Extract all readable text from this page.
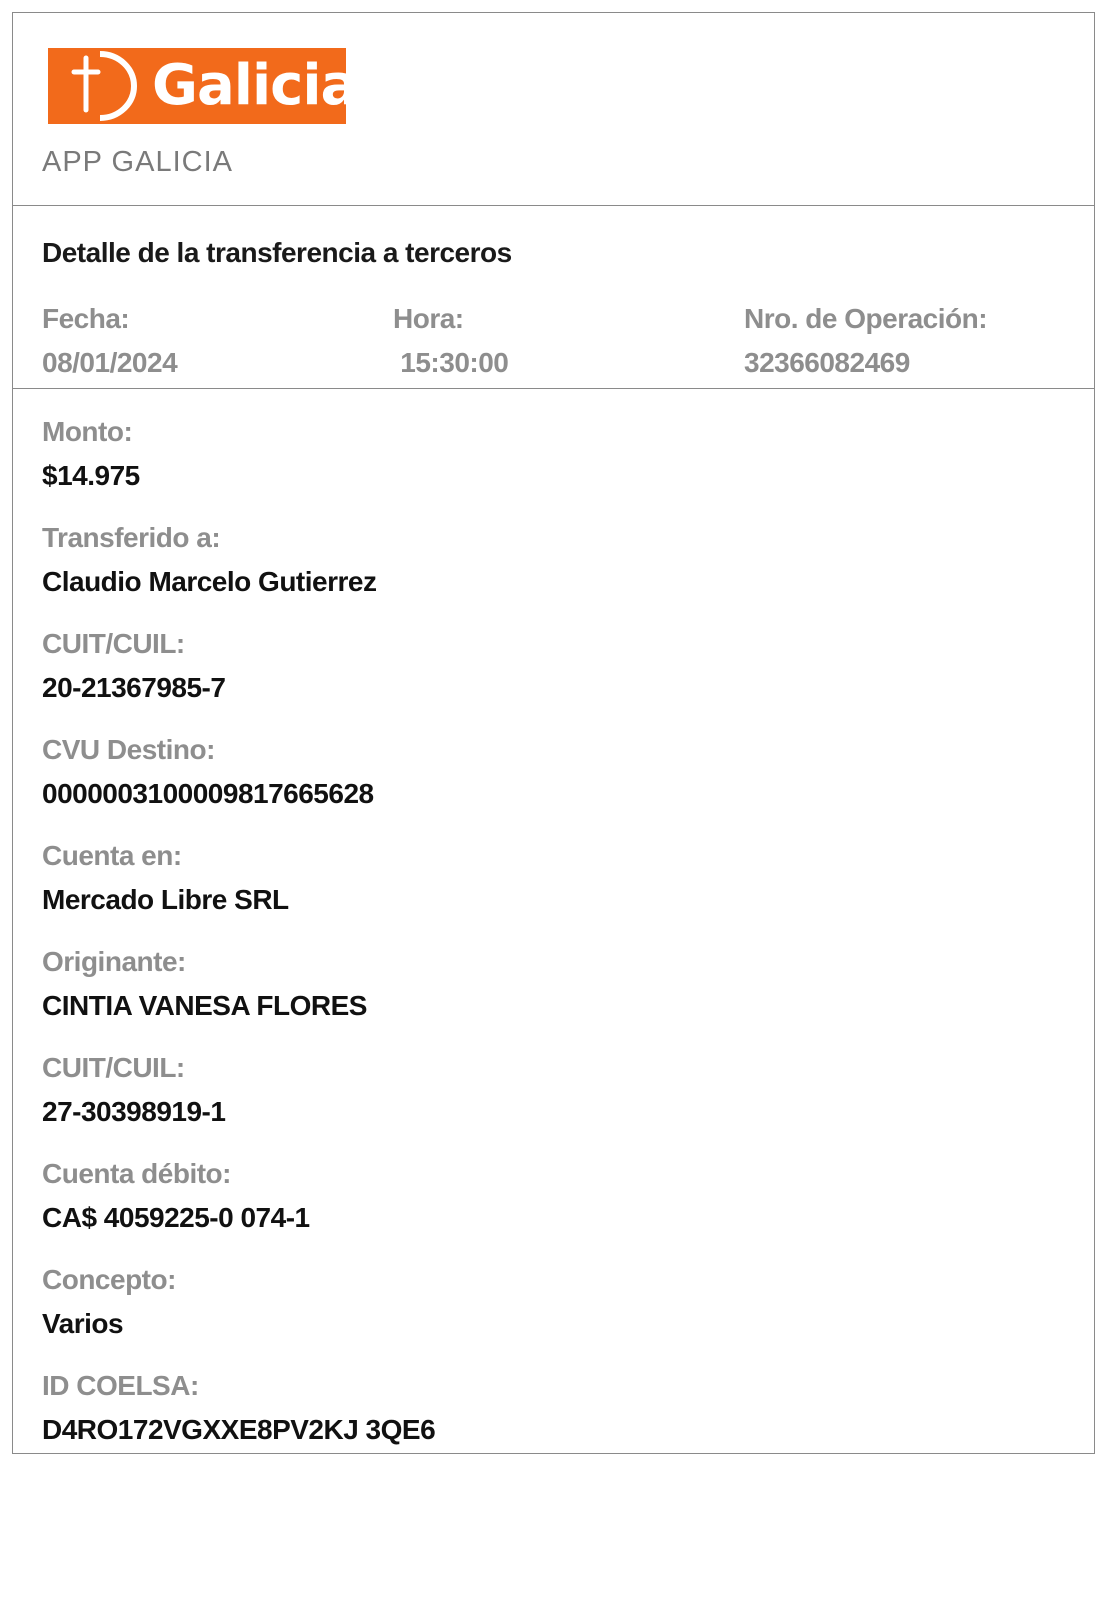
Galicia
APP GALICIA
Detalle de la transferencia a terceros
Fecha:
08/01/2024
Hora:
15:30:00
Nro. de Operación:
32366082469
Monto:
$14.975
Transferido a:
Claudio Marcelo Gutierrez
CUIT/CUIL:
20-21367985-7
CVU Destino:
0000003100009817665628
Cuenta en:
Mercado Libre SRL
Originante:
CINTIA VANESA FLORES
CUIT/CUIL:
27-30398919-1
Cuenta débito:
CA$ 4059225-0 074-1
Concepto:
Varios
ID COELSA:
D4RO172VGXXE8PV2KJ 3QE6
